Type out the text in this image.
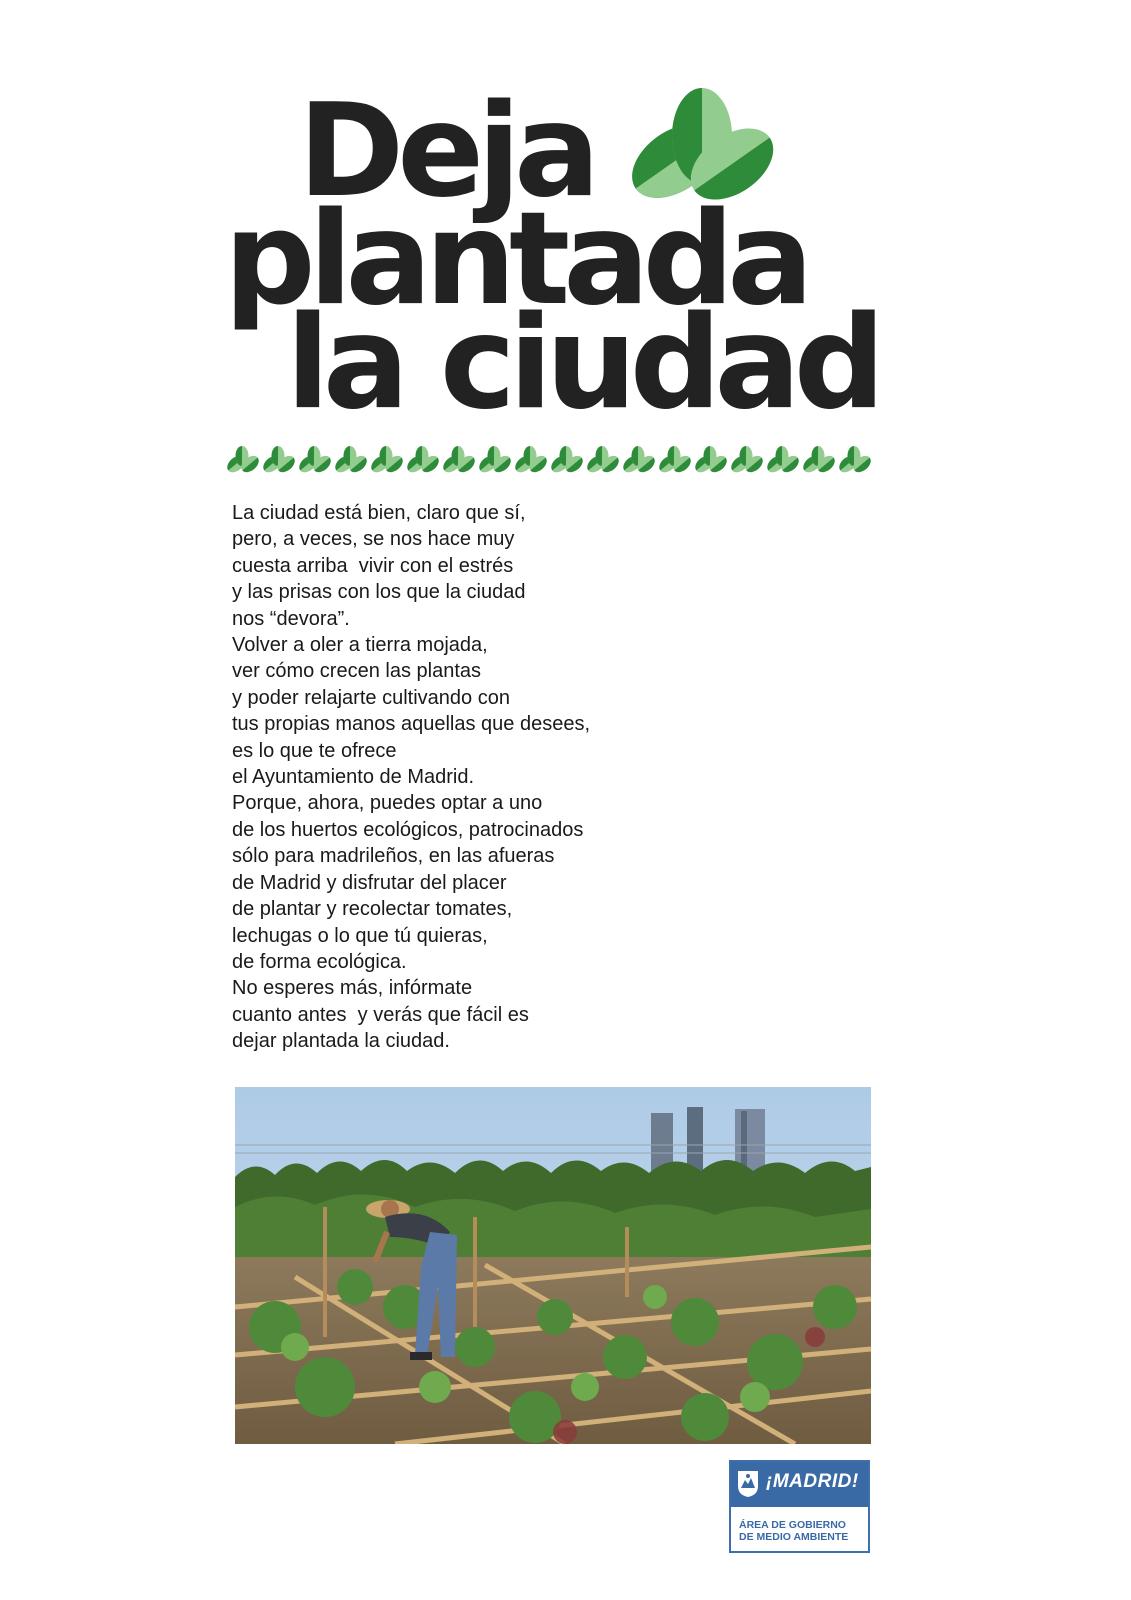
Deja
plantada
la ciudad
La ciudad está bien, claro que sí,
pero, a veces, se nos hace muy
cuesta arriba  vivir con el estrés
y las prisas con los que la ciudad
nos “devora”.
Volver a oler a tierra mojada,
ver cómo crecen las plantas
y poder relajarte cultivando con
tus propias manos aquellas que desees,
es lo que te ofrece
el Ayuntamiento de Madrid.
Porque, ahora, puedes optar a uno
de los huertos ecológicos, patrocinados
sólo para madrileños, en las afueras
de Madrid y disfrutar del placer
de plantar y recolectar tomates,
lechugas o lo que tú quieras,
de forma ecológica.
No esperes más, infórmate
cuanto antes  y verás que fácil es
dejar plantada la ciudad.
¡MADRID!
ÁREA DE GOBIERNO
DE MEDIO AMBIENTE
